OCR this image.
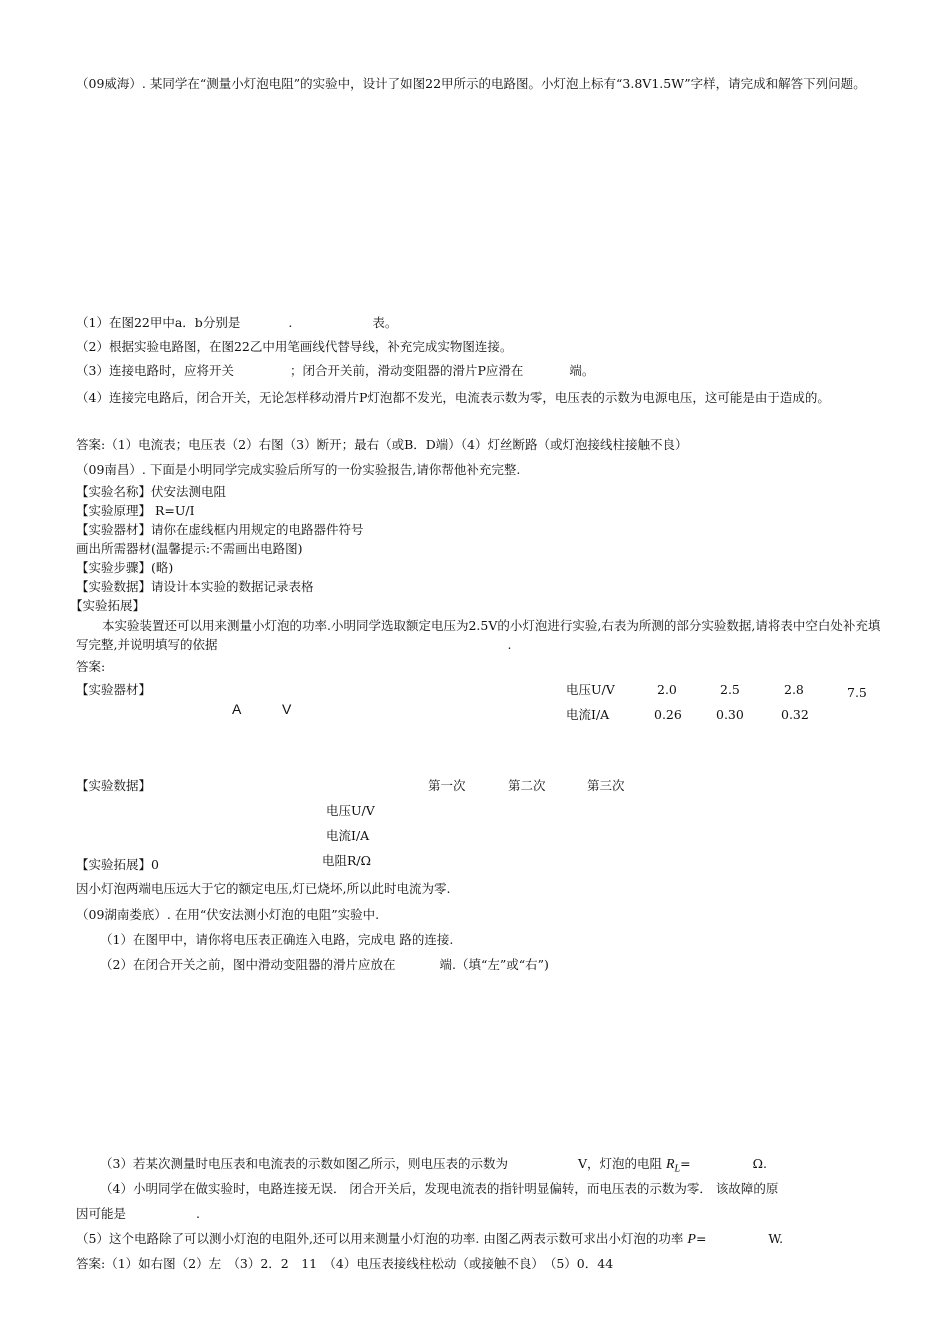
（09威海）. 某同学在“测量小灯泡电阻”的实验中，设计了如图22甲所示的电路图。小灯泡上标有“3.8V1.5W”字样，请完成和解答下列问题。
（1）在图22甲中a．b分别是	.	表。
（2）根据实验电路图，在图22乙中用笔画线代替导线，补充完成实物图连接。
（3）连接电路时，应将开关	；闭合开关前，滑动变阻器的滑片P应滑在	端。
（4）连接完电路后，闭合开关，无论怎样移动滑片P灯泡都不发光，电流表示数为零，电压表的示数为电源电压，这可能是由于造成的。
答案:（1）电流表；电压表（2）右图（3）断开；最右（或B．D端）（4）灯丝断路（或灯泡接线柱接触不良）
（09南昌）. 下面是小明同学完成实验后所写的一份实验报告,请你帮他补充完整.
【实验名称】伏安法测电阻
【实验原理】 R=U/I
【实验器材】请你在虚线框内用规定的电路器件符号
画出所需器材(温馨提示:不需画出电路图)
【实验步骤】(略)
【实验数据】请设计本实验的数据记录表格
【实验拓展】
本实验装置还可以用来测量小灯泡的功率.小明同学选取额定电压为2.5V的小灯泡进行实验,右表为所测的部分实验数据,请将表中空白处补充填写完整,并说明填写的依据	.
答案:
【实验器材】
A	V
电压U/V	2.0	2.5	2.8	7.5
电流I/A	0.26	0.30	0.32
【实验数据】	第一次	第二次	第三次
电压U/V
电流I/A
电阻R/Ω
【实验拓展】0
因小灯泡两端电压远大于它的额定电压,灯已烧坏,所以此时电流为零.
（09湖南娄底）. 在用“伏安法测小灯泡的电阻”实验中.
（1）在图甲中，请你将电压表正确连入电路，完成电 路的连接.
（2）在闭合开关之前，图中滑动变阻器的滑片应放在	端.（填“左”或“右”)
（3）若某次测量时电压表和电流表的示数如图乙所示，则电压表的示数为	V，灯泡的电阻 $R_L=$	Ω.
（4）小明同学在做实验时，电路连接无误． 闭合开关后，发现电流表的指针明显偏转，而电压表的示数为零． 该故障的原
因可能是	.
（5）这个电路除了可以测小灯泡的电阻外,还可以用来测量小灯泡的功率. 由图乙两表示数可求出小灯泡的功率 P=	W.
答案:（1）如右图（2）左　（3）2．2　11　（4）电压表接线柱松动（或接触不良）　（5）0．44
